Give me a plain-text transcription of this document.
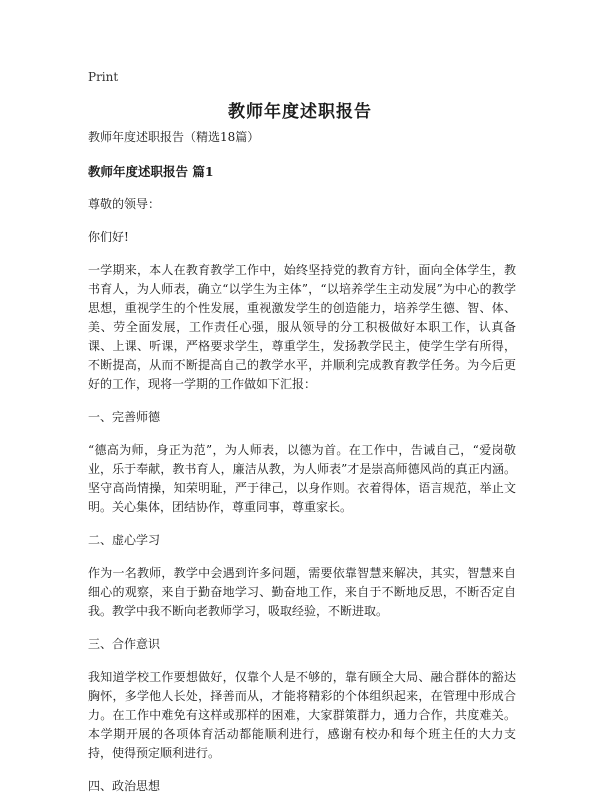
Print
教师年度述职报告

教师年度述职报告（精选18篇）

教师年度述职报告 篇1

尊敬的领导：

你们好!

一学期来，本人在教育教学工作中，始终坚持党的教育方针，面向全体学生，教书育人，为人师表，确立“以学生为主体”，“以培养学生主动发展”为中心的教学思想，重视学生的个性发展，重视激发学生的创造能力，培养学生德、智、体、美、劳全面发展，工作责任心强，服从领导的分工积极做好本职工作，认真备课、上课、听课，严格要求学生，尊重学生，发扬教学民主，使学生学有所得，不断提高，从而不断提高自己的教学水平，并顺利完成教育教学任务。为今后更好的工作，现将一学期的工作做如下汇报：

一、完善师德

“德高为师，身正为范”，为人师表，以德为首。在工作中，告诫自己，“爱岗敬业，乐于奉献，教书育人，廉洁从教，为人师表”才是崇高师德风尚的真正内涵。坚守高尚情操，知荣明耻，严于律己，以身作则。衣着得体，语言规范，举止文明。关心集体，团结协作，尊重同事，尊重家长。

二、虚心学习

作为一名教师，教学中会遇到许多问题，需要依靠智慧来解决，其实，智慧来自细心的观察，来自于勤奋地学习、勤奋地工作，来自于不断地反思，不断否定自我。教学中我不断向老教师学习，吸取经验，不断进取。

三、合作意识

我知道学校工作要想做好，仅靠个人是不够的，靠有顾全大局、融合群体的豁达胸怀，多学他人长处，择善而从，才能将精彩的个体组织起来，在管理中形成合力。在工作中难免有这样或那样的困难，大家群策群力，通力合作，共度难关。本学期开展的各项体育活动都能顺利进行，感谢有校办和每个班主任的大力支持，使得预定顺利进行。

四、政治思想
